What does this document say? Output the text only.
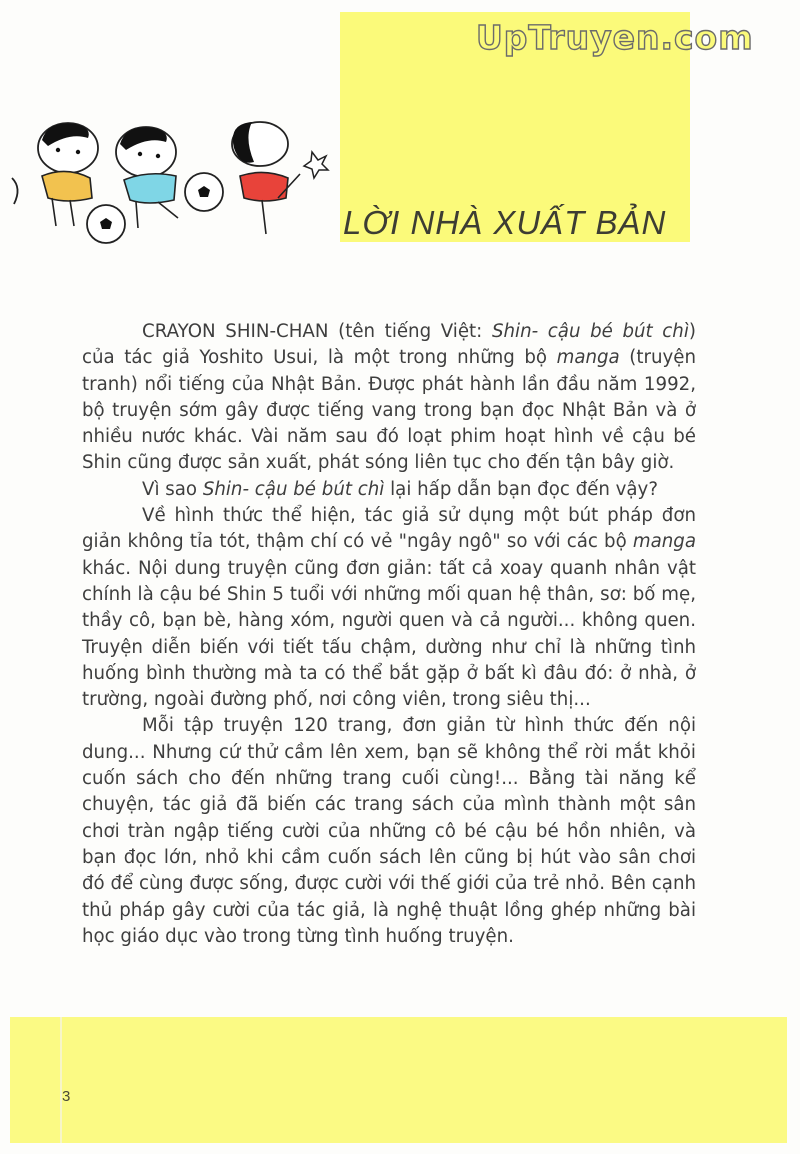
UpTruyen.com
LỜI NHÀ XUẤT BẢN

CRAYON SHIN-CHAN (tên tiếng Việt: Shin- cậu bé bút chì) của tác giả Yoshito Usui, là một trong những bộ manga (truyện tranh) nổi tiếng của Nhật Bản. Được phát hành lần đầu năm 1992, bộ truyện sớm gây được tiếng vang trong bạn đọc Nhật Bản và ở nhiều nước khác. Vài năm sau đó loạt phim hoạt hình về cậu bé Shin cũng được sản xuất, phát sóng liên tục cho đến tận bây giờ.

Vì sao Shin- cậu bé bút chì lại hấp dẫn bạn đọc đến vậy?

Về hình thức thể hiện, tác giả sử dụng một bút pháp đơn giản không tỉa tót, thậm chí có vẻ "ngây ngô" so với các bộ manga khác. Nội dung truyện cũng đơn giản: tất cả xoay quanh nhân vật chính là cậu bé Shin 5 tuổi với những mối quan hệ thân, sơ: bố mẹ, thầy cô, bạn bè, hàng xóm, người quen và cả người... không quen. Truyện diễn biến với tiết tấu chậm, dường như chỉ là những tình huống bình thường mà ta có thể bắt gặp ở bất kì đâu đó: ở nhà, ở trường, ngoài đường phố, nơi công viên, trong siêu thị...

Mỗi tập truyện 120 trang, đơn giản từ hình thức đến nội dung... Nhưng cứ thử cầm lên xem, bạn sẽ không thể rời mắt khỏi cuốn sách cho đến những trang cuối cùng!... Bằng tài năng kể chuyện, tác giả đã biến các trang sách của mình thành một sân chơi tràn ngập tiếng cười của những cô bé cậu bé hồn nhiên, và bạn đọc lớn, nhỏ khi cầm cuốn sách lên cũng bị hút vào sân chơi đó để cùng được sống, được cười với thế giới của trẻ nhỏ. Bên cạnh thủ pháp gây cười của tác giả, là nghệ thuật lồng ghép những bài học giáo dục vào trong từng tình huống truyện.

3
